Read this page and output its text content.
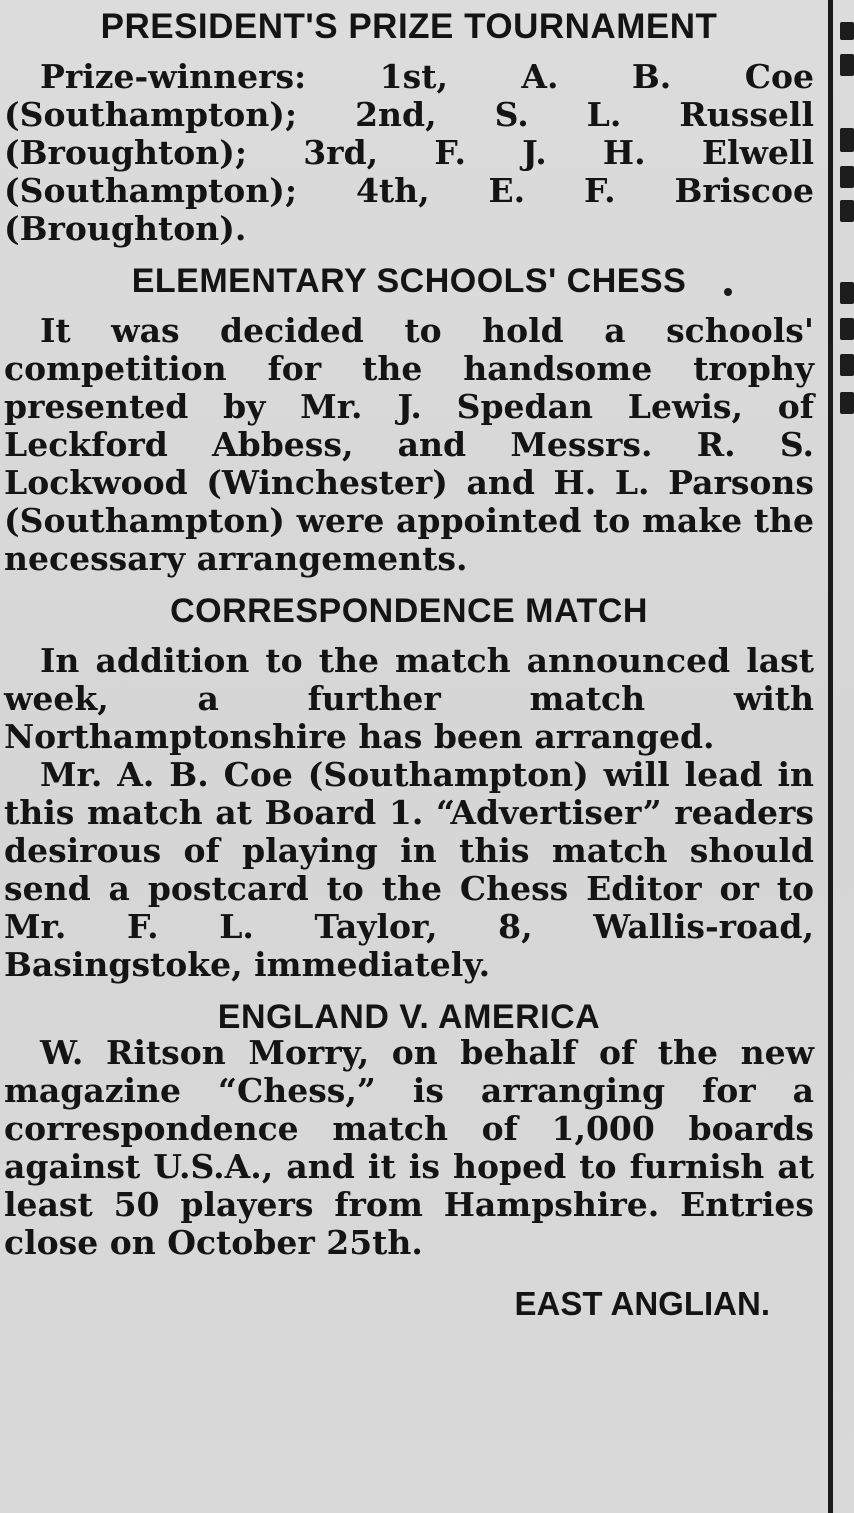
PRESIDENT'S PRIZE TOURNAMENT

Prize-winners: 1st, A. B. Coe (Southampton); 2nd, S. L. Russell (Broughton); 3rd, F. J. H. Elwell (Southampton); 4th, E. F. Briscoe (Broughton).

ELEMENTARY SCHOOLS' CHESS

It was decided to hold a schools' competition for the handsome trophy presented by Mr. J. Spedan Lewis, of Leckford Abbess, and Messrs. R. S. Lockwood (Winchester) and H. L. Parsons (Southampton) were appointed to make the necessary arrangements.

CORRESPONDENCE MATCH

In addition to the match announced last week, a further match with Northamptonshire has been arranged.

Mr. A. B. Coe (Southampton) will lead in this match at Board 1. “Advertiser” readers desirous of playing in this match should send a postcard to the Chess Editor or to Mr. F. L. Taylor, 8, Wallis-road, Basingstoke, immediately.

ENGLAND V. AMERICA

W. Ritson Morry, on behalf of the new magazine “Chess,” is arranging for a correspondence match of 1,000 boards against U.S.A., and it is hoped to furnish at least 50 players from Hampshire. Entries close on October 25th.

EAST ANGLIAN.
